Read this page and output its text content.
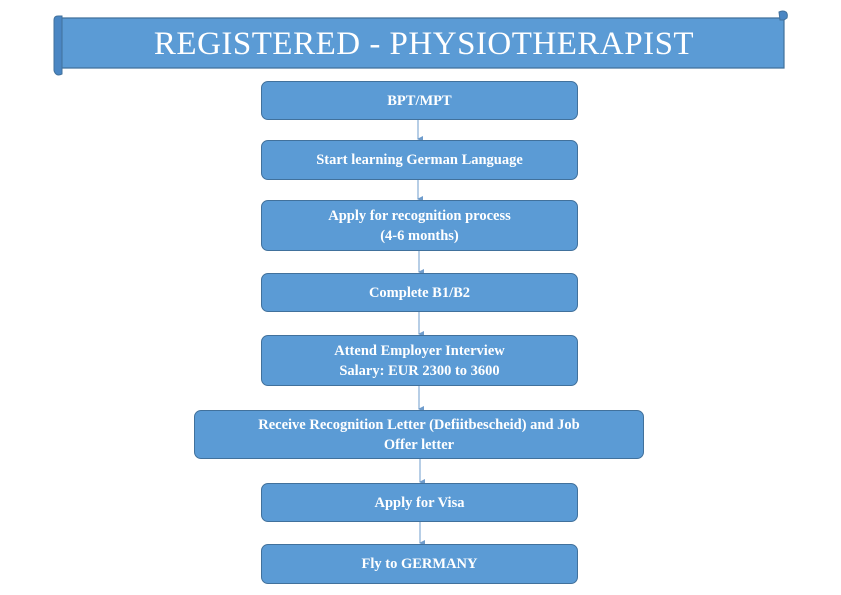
REGISTERED - PHYSIOTHERAPIST
BPT/MPT
Start learning German Language
Apply for recognition process
(4-6 months)
Complete B1/B2
Attend Employer Interview
Salary: EUR 2300 to 3600
Receive Recognition Letter (Defiitbescheid) and Job
Offer letter
Apply for Visa
Fly to GERMANY
